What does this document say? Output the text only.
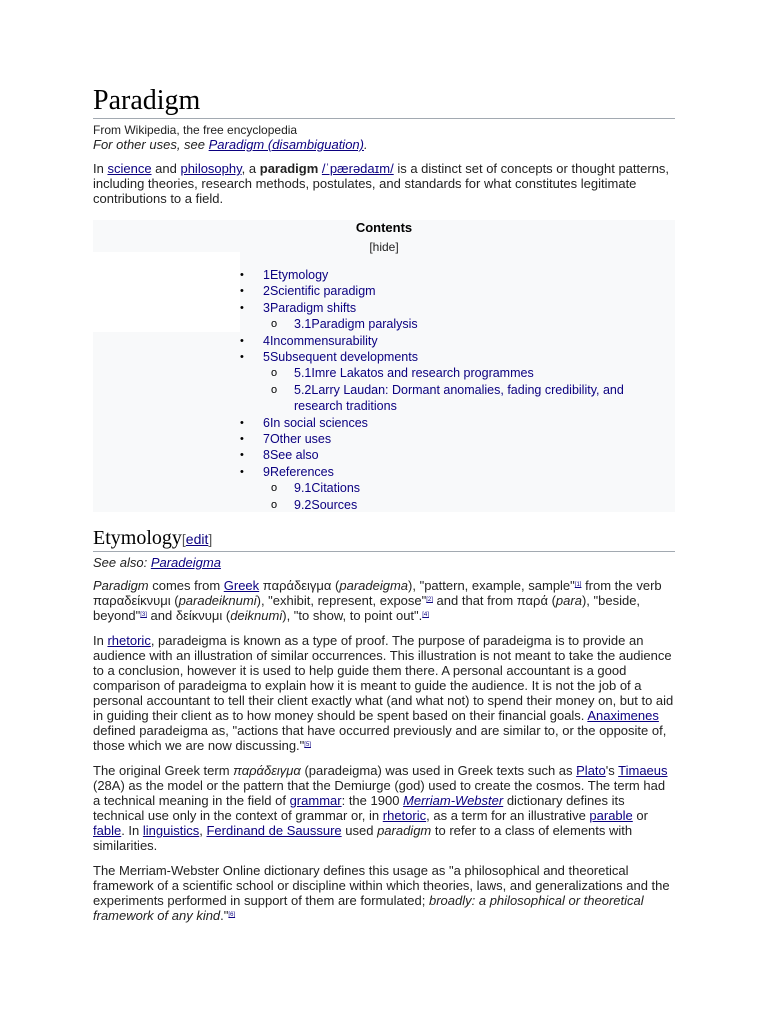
Paradigm
From Wikipedia, the free encyclopedia
For other uses, see Paradigm (disambiguation).

In science and philosophy, a paradigm /ˈpærədaɪm/ is a distinct set of concepts or thought patterns, including theories, research methods, postulates, and standards for what constitutes legitimate contributions to a field.

Contents
[hide]
• 1Etymology
• 2Scientific paradigm
• 3Paradigm shifts
o 3.1Paradigm paralysis
• 4Incommensurability
• 5Subsequent developments
o 5.1Imre Lakatos and research programmes
o 5.2Larry Laudan: Dormant anomalies, fading credibility, and research traditions
• 6In social sciences
• 7Other uses
• 8See also
• 9References
o 9.1Citations
o 9.2Sources
Etymology[edit]
See also: Paradeigma

Paradigm comes from Greek παράδειγμα (paradeigma), "pattern, example, sample"[1] from the verb παραδείκνυμι (paradeiknumi), "exhibit, represent, expose"[2] and that from παρά (para), "beside, beyond"[3] and δείκνυμι (deiknumi), "to show, to point out".[4]

In rhetoric, paradeigma is known as a type of proof. The purpose of paradeigma is to provide an audience with an illustration of similar occurrences. This illustration is not meant to take the audience to a conclusion, however it is used to help guide them there. A personal accountant is a good comparison of paradeigma to explain how it is meant to guide the audience. It is not the job of a personal accountant to tell their client exactly what (and what not) to spend their money on, but to aid in guiding their client as to how money should be spent based on their financial goals. Anaximenes defined paradeigma as, "actions that have occurred previously and are similar to, or the opposite of, those which we are now discussing."[5]

The original Greek term παράδειγμα (paradeigma) was used in Greek texts such as Plato's Timaeus (28A) as the model or the pattern that the Demiurge (god) used to create the cosmos. The term had a technical meaning in the field of grammar: the 1900 Merriam-Webster dictionary defines its technical use only in the context of grammar or, in rhetoric, as a term for an illustrative parable or fable. In linguistics, Ferdinand de Saussure used paradigm to refer to a class of elements with similarities.

The Merriam-Webster Online dictionary defines this usage as "a philosophical and theoretical framework of a scientific school or discipline within which theories, laws, and generalizations and the experiments performed in support of them are formulated; broadly: a philosophical or theoretical framework of any kind."[6]
